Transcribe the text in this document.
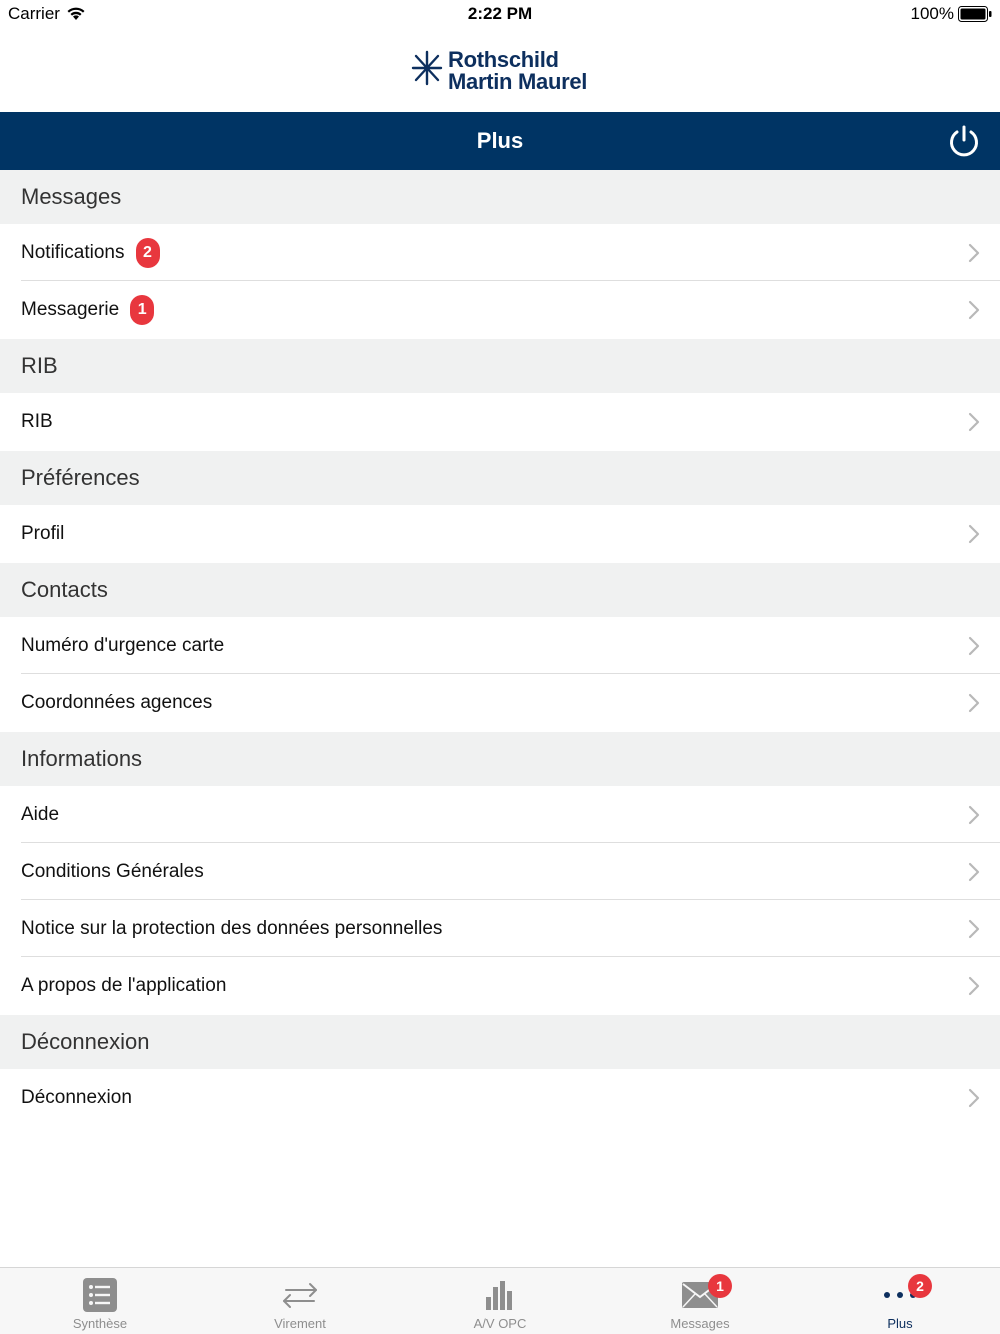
Carrier	2:22 PM	100%
Rothschild
Martin Maurel
Plus
Messages
Notifications	2
Messagerie	1
RIB
RIB
Préférences
Profil
Contacts
Numéro d'urgence carte
Coordonnées agences
Informations
Aide
Conditions Générales
Notice sur la protection des données personnelles
A propos de l'application
Déconnexion
Déconnexion
Synthèse	Virement	A/V OPC
1
Messages
2
Plus
